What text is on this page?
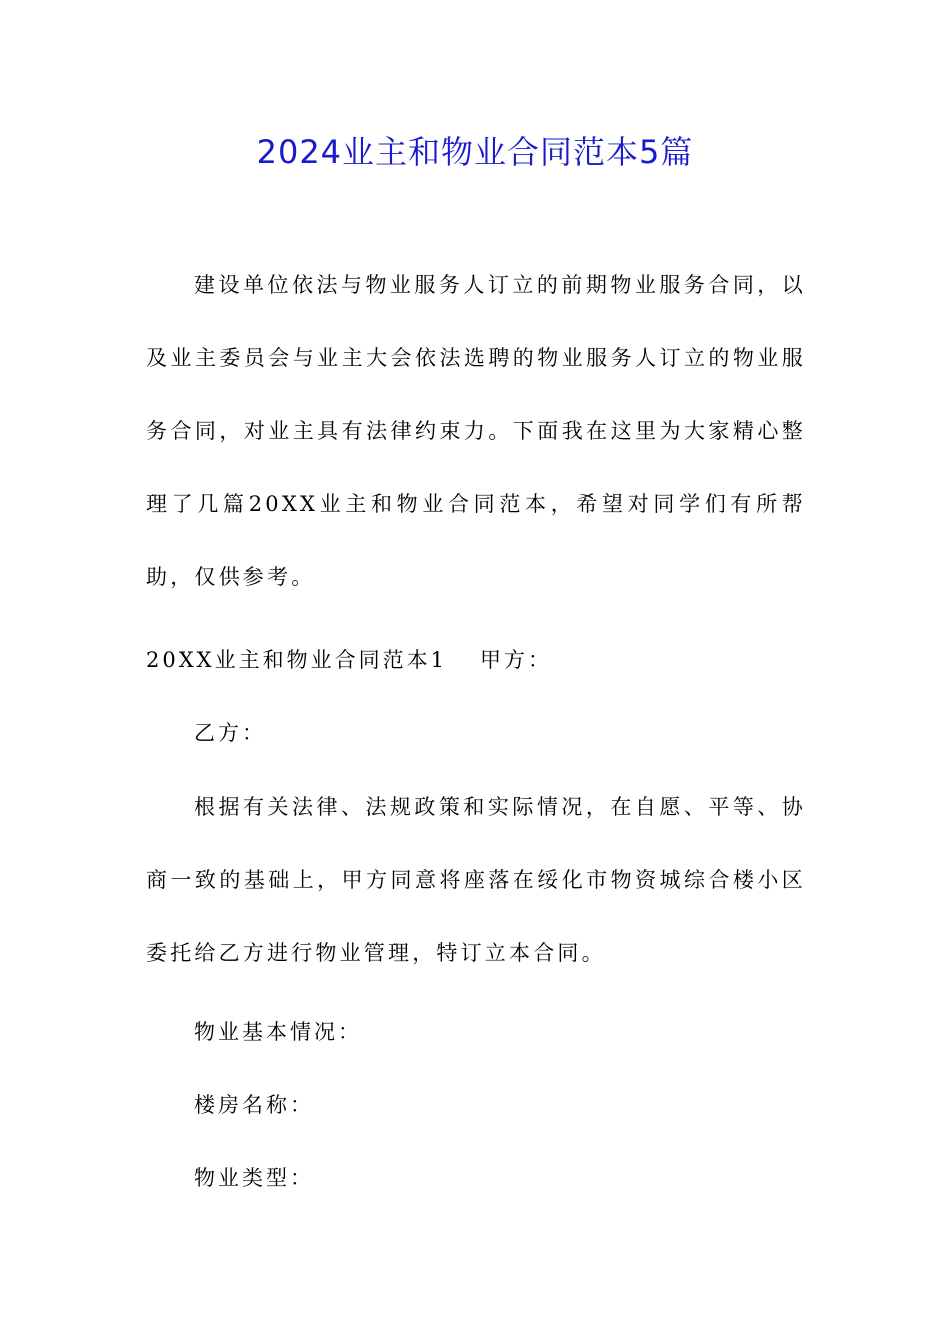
2024业主和物业合同范本5篇

建设单位依法与物业服务人订立的前期物业服务合同，以及业主委员会与业主大会依法选聘的物业服务人订立的物业服务合同，对业主具有法律约束力。下面我在这里为大家精心整理了几篇20XX业主和物业合同范本，希望对同学们有所帮助，仅供参考。

20XX业主和物业合同范本1 甲方：

乙方：

根据有关法律、法规政策和实际情况，在自愿、平等、协商一致的基础上，甲方同意将座落在绥化市物资城综合楼小区委托给乙方进行物业管理，特订立本合同。

物业基本情况：

楼房名称：

物业类型：
